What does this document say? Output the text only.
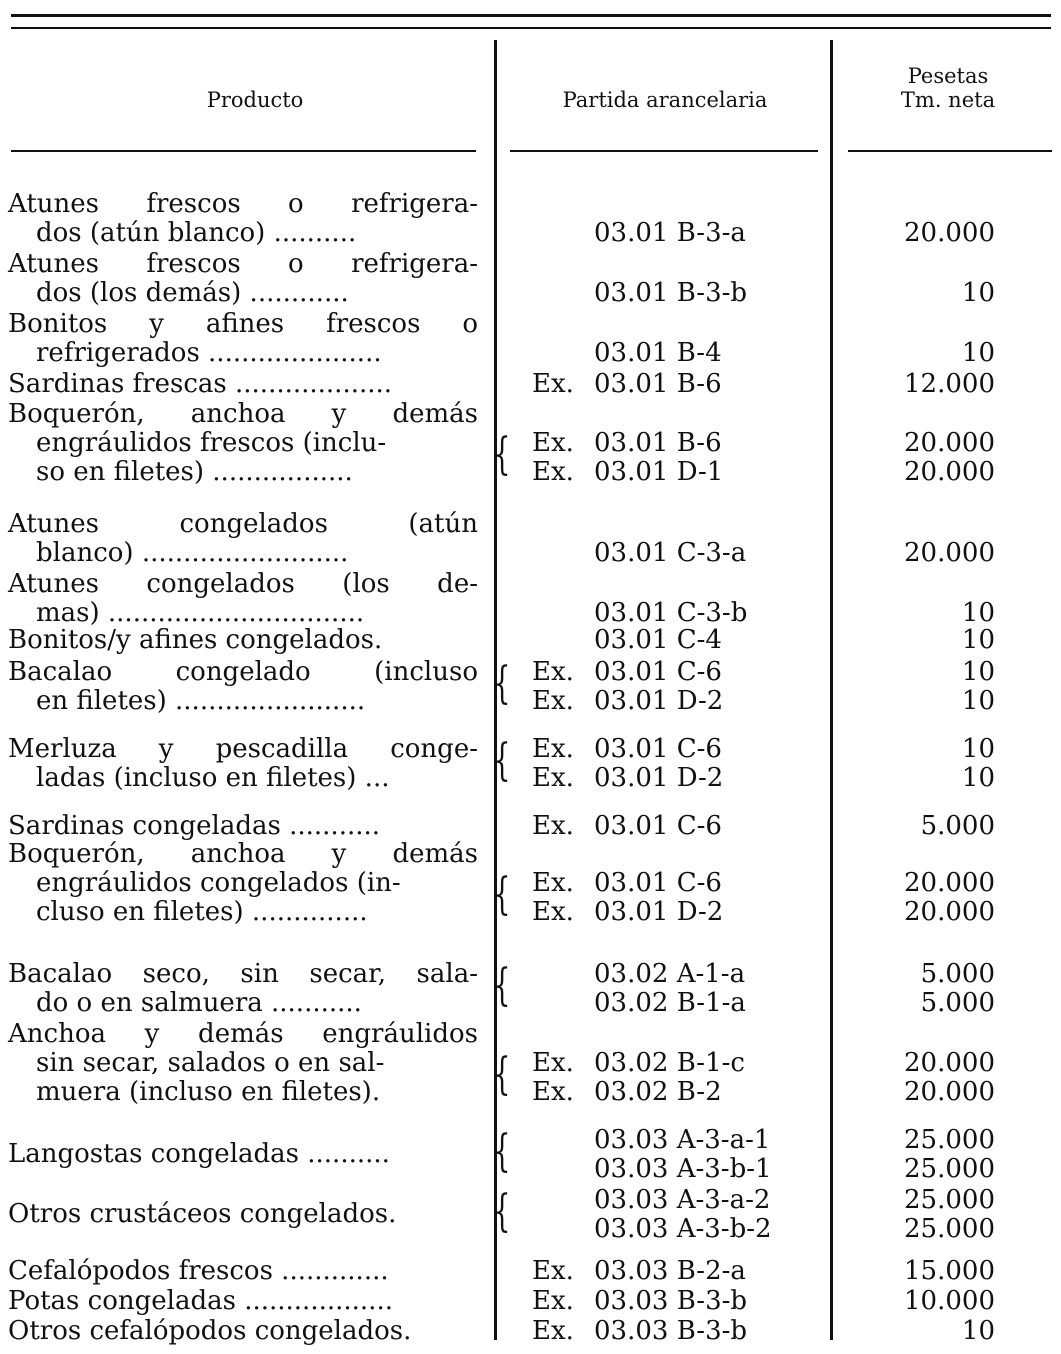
Producto	Partida arancelaria
Pesetas
Tm. neta
Atunes frescos o refrigera-
dos (atún blanco) ..........	03.01 B-3-a	20.000
Atunes frescos o refrigera-
dos (los demás) ............	03.01 B-3-b	10
Bonitos y afines frescos o
refrigerados .....................	03.01 B-4	10
Sardinas frescas ...................	Ex. 03.01 B-6	12.000
Boquerón, anchoa y demás
engráulidos frescos (inclu-
so en filetes) .................
Ex. 03.01 B-6	20.000
Ex. 03.01 D-1	20.000
{
Atunes congelados (atún
blanco) .........................	03.01 C-3-a	20.000
Atunes congelados (los de-
mas) ...............................	03.01 C-3-b	10
Bonitos/y afines congelados.	03.01 C-4	10
Bacalao congelado (incluso
en filetes) .......................
Ex. 03.01 C-6	10
Ex. 03.01 D-2	10
{
Merluza y pescadilla conge-
ladas (incluso en filetes) ...
Ex. 03.01 C-6	10
Ex. 03.01 D-2	10
{
Sardinas congeladas ...........	Ex. 03.01 C-6	5.000
Boquerón, anchoa y demás
engráulidos congelados (in-
cluso en filetes) ..............
Ex. 03.01 C-6	20.000
Ex. 03.01 D-2	20.000
{
Bacalao seco, sin secar, sala-
do o en salmuera ...........
03.02 A-1-a	5.000
03.02 B-1-a	5.000
{
Anchoa y demás engráulidos
sin secar, salados o en sal-
muera (incluso en filetes).
Ex. 03.02 B-1-c	20.000
Ex. 03.02 B-2	20.000
{
Langostas congeladas ..........	03.03 A-3-a-1	25.000
03.03 A-3-b-1	25.000
{
Otros crustáceos congelados.	03.03 A-3-a-2	25.000
03.03 A-3-b-2	25.000
{
Cefalópodos frescos .............	Ex. 03.03 B-2-a	15.000
Potas congeladas ..................	Ex. 03.03 B-3-b	10.000
Otros cefalópodos congelados.	Ex. 03.03 B-3-b	10
